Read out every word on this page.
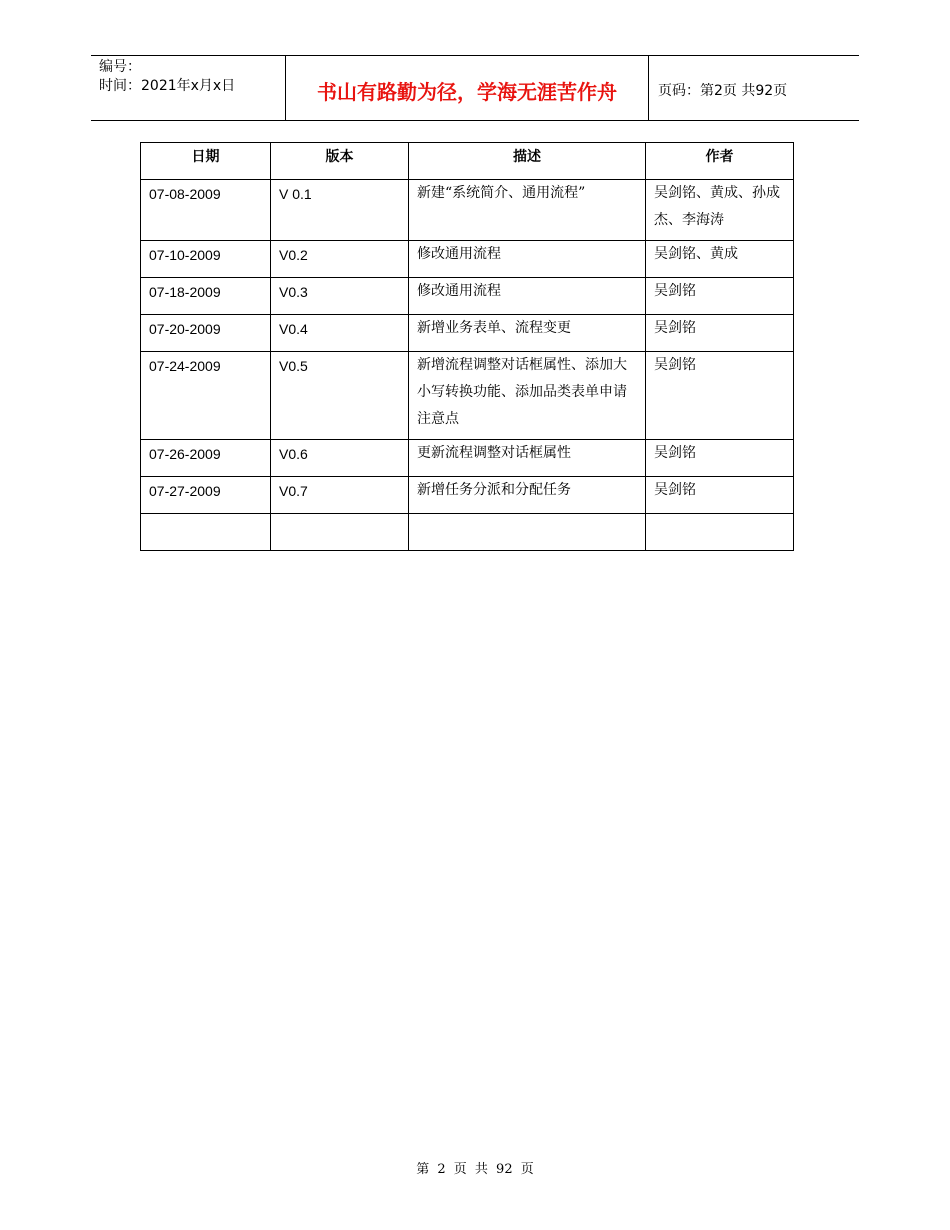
编号：
时间：2021年x月x日	书山有路勤为径，学海无涯苦作舟	页码：第2页 共92页
日期	版本	描述	作者
07-08-2009	V 0.1	新建“系统简介、通用流程”	吴剑铭、黄成、孙成杰、李海涛
07-10-2009	V0.2	修改通用流程	吴剑铭、黄成
07-18-2009	V0.3	修改通用流程	吴剑铭
07-20-2009	V0.4	新增业务表单、流程变更	吴剑铭
07-24-2009	V0.5	新增流程调整对话框属性、添加大小写转换功能、添加品类表单申请注意点	吴剑铭
07-26-2009	V0.6	更新流程调整对话框属性	吴剑铭
07-27-2009	V0.7	新增任务分派和分配任务	吴剑铭

第 2 页 共 92 页
